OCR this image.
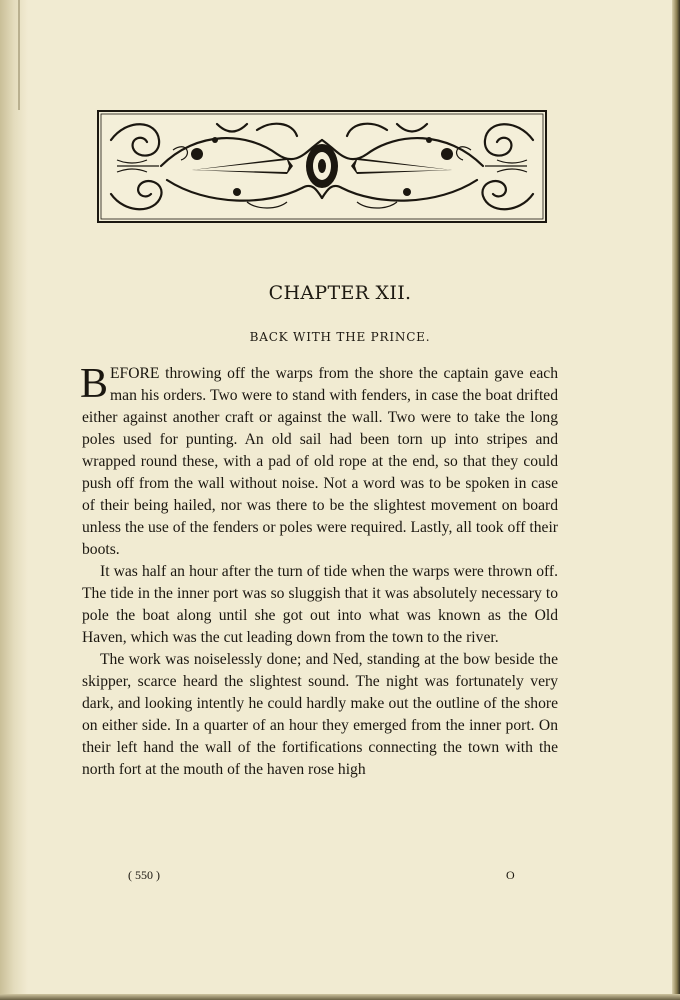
CHAPTER XII.
BACK WITH THE PRINCE.

BEFORE throwing off the warps from the shore the captain gave each man his orders. Two were to stand with fenders, in case the boat drifted either against another craft or against the wall. Two were to take the long poles used for punting. An old sail had been torn up into stripes and wrapped round these, with a pad of old rope at the end, so that they could push off from the wall without noise. Not a word was to be spoken in case of their being hailed, nor was there to be the slightest movement on board unless the use of the fenders or poles were required. Lastly, all took off their boots.

It was half an hour after the turn of tide when the warps were thrown off. The tide in the inner port was so sluggish that it was absolutely necessary to pole the boat along until she got out into what was known as the Old Haven, which was the cut leading down from the town to the river.

The work was noiselessly done; and Ned, standing at the bow beside the skipper, scarce heard the slightest sound. The night was fortunately very dark, and looking intently he could hardly make out the outline of the shore on either side. In a quarter of an hour they emerged from the inner port. On their left hand the wall of the fortifications connecting the town with the north fort at the mouth of the haven rose high

( 550 )	O
